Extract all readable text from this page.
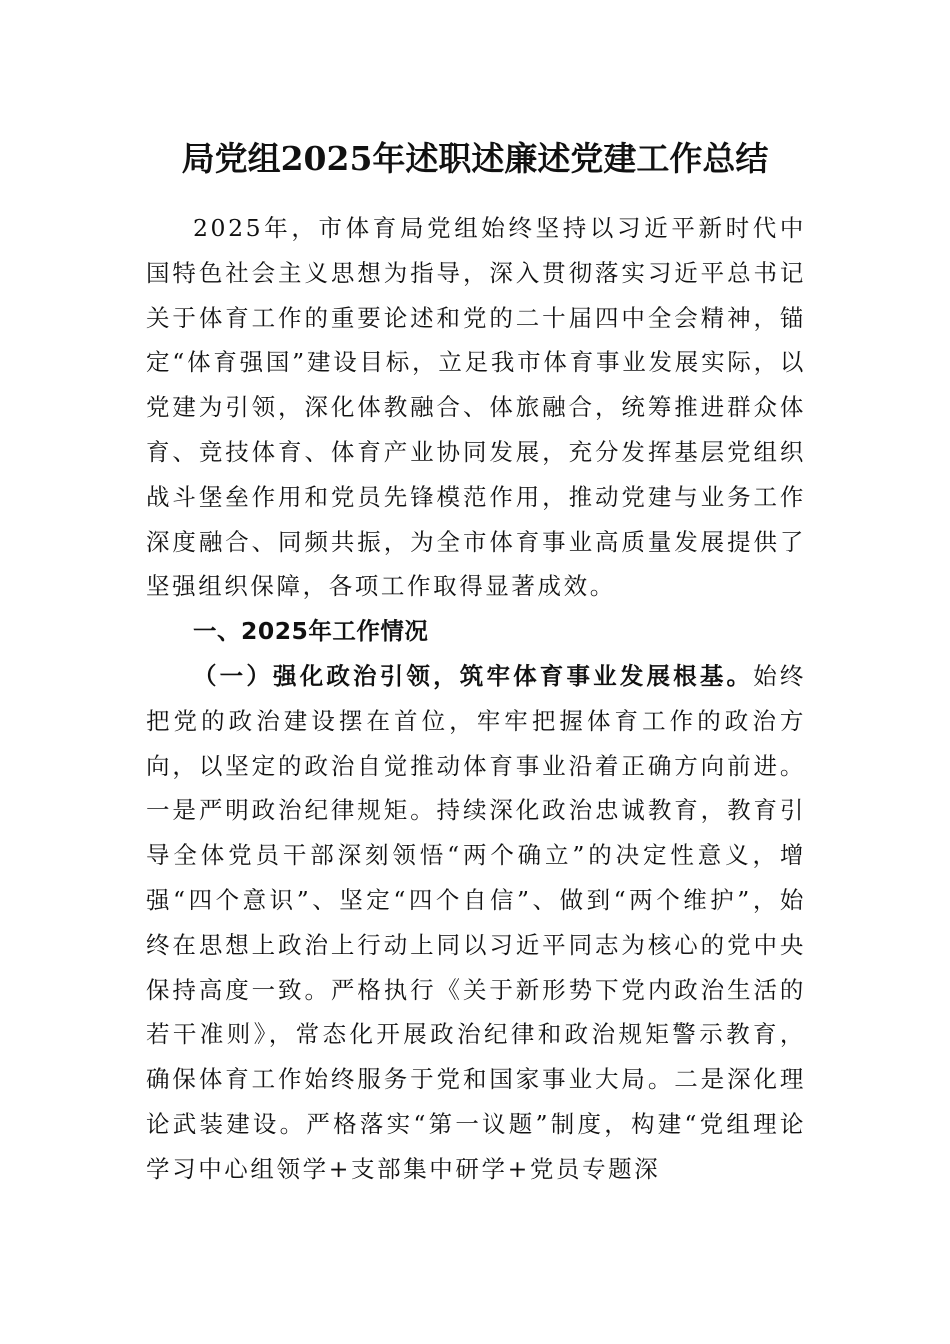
局党组2025年述职述廉述党建工作总结

2025年，市体育局党组始终坚持以习近平新时代中国特色社会主义思想为指导，深入贯彻落实习近平总书记关于体育工作的重要论述和党的二十届四中全会精神，锚定“体育强国”建设目标，立足我市体育事业发展实际，以党建为引领，深化体教融合、体旅融合，统筹推进群众体育、竞技体育、体育产业协同发展，充分发挥基层党组织战斗堡垒作用和党员先锋模范作用，推动党建与业务工作深度融合、同频共振，为全市体育事业高质量发展提供了坚强组织保障，各项工作取得显著成效。

一、2025年工作情况

（一）强化政治引领，筑牢体育事业发展根基。始终把党的政治建设摆在首位，牢牢把握体育工作的政治方向，以坚定的政治自觉推动体育事业沿着正确方向前进。一是严明政治纪律规矩。持续深化政治忠诚教育，教育引导全体党员干部深刻领悟“两个确立”的决定性意义，增强“四个意识”、坚定“四个自信”、做到“两个维护”，始终在思想上政治上行动上同以习近平同志为核心的党中央保持高度一致。严格执行《关于新形势下党内政治生活的若干准则》，常态化开展政治纪律和政治规矩警示教育，确保体育工作始终服务于党和国家事业大局。二是深化理论武装建设。严格落实“第一议题”制度，构建“党组理论学习中心组领学+支部集中研学+党员专题深
